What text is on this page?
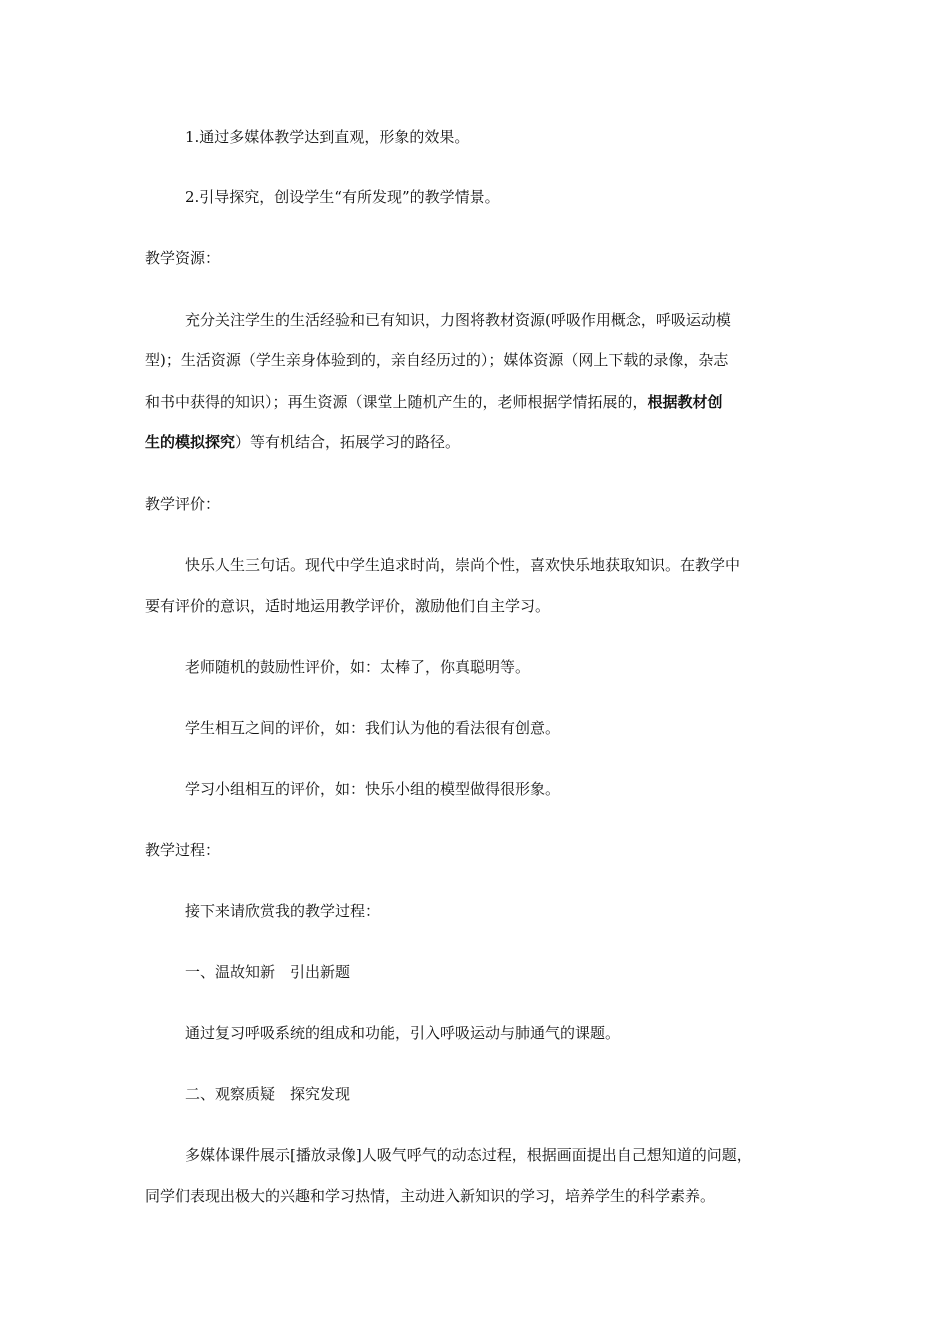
1.通过多媒体教学达到直观，形象的效果。
2.引导探究，创设学生“有所发现”的教学情景。
教学资源：
充分关注学生的生活经验和已有知识，力图将教材资源(呼吸作用概念，呼吸运动模
型)；生活资源（学生亲身体验到的，亲自经历过的）；媒体资源（网上下载的录像，杂志
和书中获得的知识）；再生资源（课堂上随机产生的，老师根据学情拓展的，根据教材创
生的模拟探究）等有机结合，拓展学习的路径。
教学评价：
快乐人生三句话。现代中学生追求时尚，崇尚个性，喜欢快乐地获取知识。在教学中
要有评价的意识，适时地运用教学评价，激励他们自主学习。
老师随机的鼓励性评价，如：太棒了，你真聪明等。
学生相互之间的评价，如：我们认为他的看法很有创意。
学习小组相互的评价，如：快乐小组的模型做得很形象。
教学过程：
接下来请欣赏我的教学过程：
一、温故知新　引出新题
通过复习呼吸系统的组成和功能，引入呼吸运动与肺通气的课题。
二、观察质疑　探究发现
多媒体课件展示[播放录像]人吸气呼气的动态过程，根据画面提出自己想知道的问题，
同学们表现出极大的兴趣和学习热情，主动进入新知识的学习，培养学生的科学素养。
